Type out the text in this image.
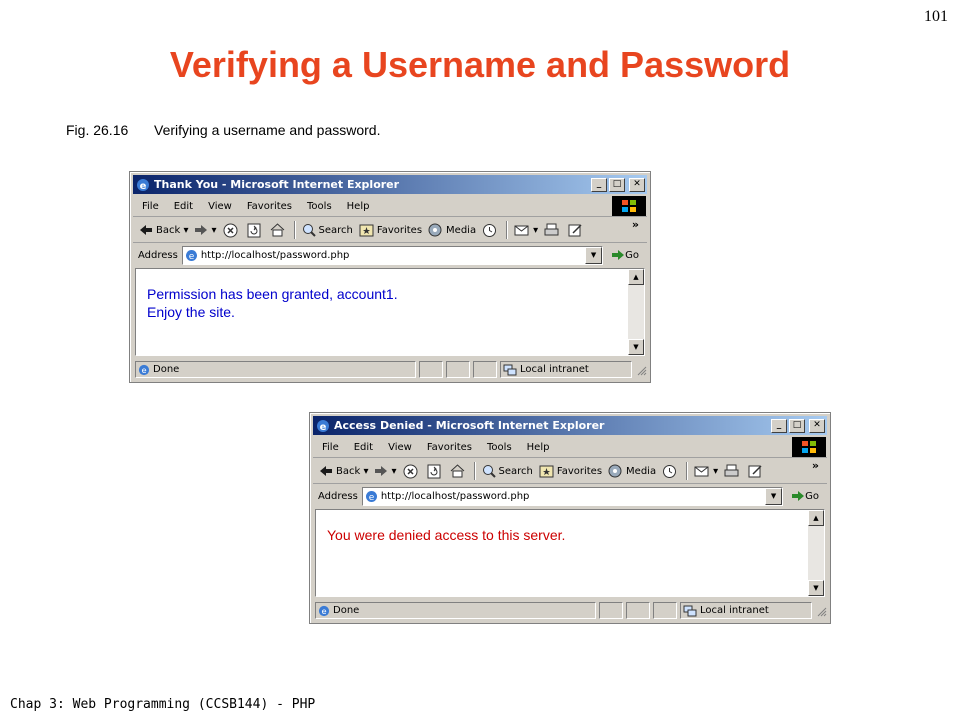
101
Verifying a Username and Password
Fig. 26.16 Verifying a username and password.
e Thank You - Microsoft Internet Explorer	_	□	✕
File	Edit	View	Favorites	Tools	Help
Back ▾	▾	Search Favorites Media	▾	»
Address e http://localhost/password.php	▼	Go
Permission has been granted, account1.
Enjoy the site.
▲
▼
e Done	Local intranet
e Access Denied - Microsoft Internet Explorer	_	□	✕
File	Edit	View	Favorites	Tools	Help
Back ▾	▾	Search Favorites Media	▾	»
Address e http://localhost/password.php	▼	Go
You were denied access to this server.
▲
▼
e Done	Local intranet
Chap 3: Web Programming (CCSB144) - PHP
